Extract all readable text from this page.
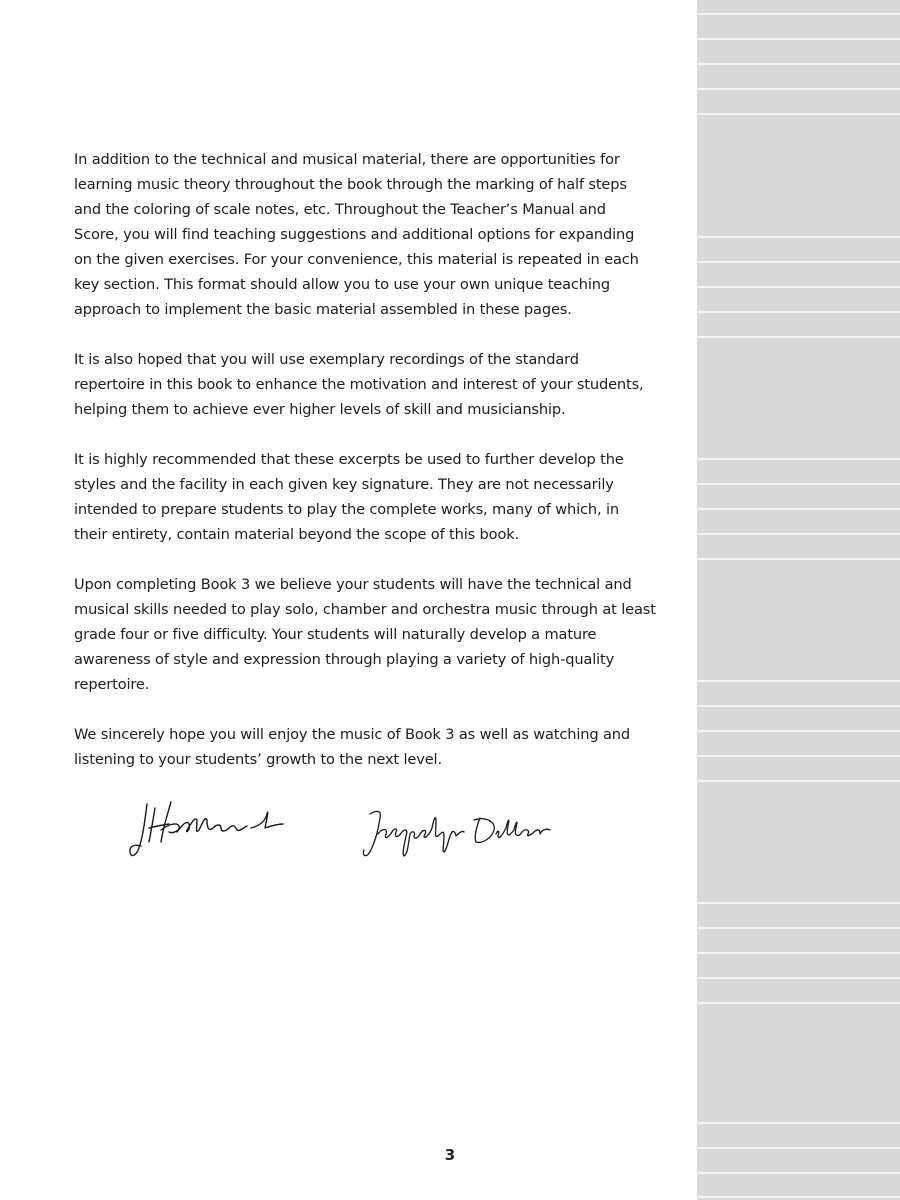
In addition to the technical and musical material, there are opportunities for
learning music theory throughout the book through the marking of half steps
and the coloring of scale notes, etc. Throughout the Teacher’s Manual and
Score, you will find teaching suggestions and additional options for expanding
on the given exercises. For your convenience, this material is repeated in each
key section. This format should allow you to use your own unique teaching
approach to implement the basic material assembled in these pages.

It is also hoped that you will use exemplary recordings of the standard
repertoire in this book to enhance the motivation and interest of your students,
helping them to achieve ever higher levels of skill and musicianship.

It is highly recommended that these excerpts be used to further develop the
styles and the facility in each given key signature. They are not necessarily
intended to prepare students to play the complete works, many of which, in
their entirety, contain material beyond the scope of this book.

Upon completing Book 3 we believe your students will have the technical and
musical skills needed to play solo, chamber and orchestra music through at least
grade four or five difficulty. Your students will naturally develop a mature
awareness of style and expression through playing a variety of high-quality
repertoire.

We sincerely hope you will enjoy the music of Book 3 as well as watching and
listening to your students’ growth to the next level.

3
